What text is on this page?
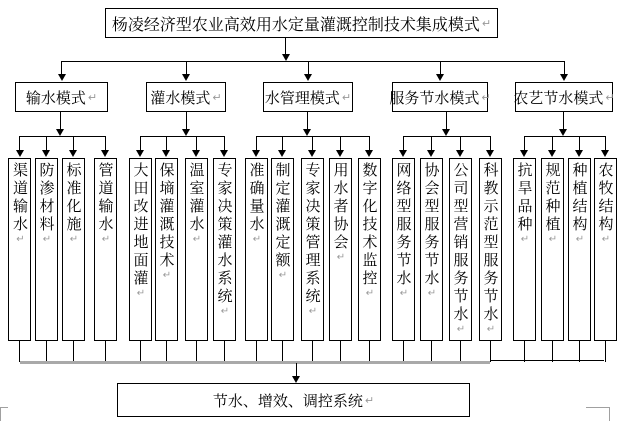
杨凌经济型农业高效用水定量灌溉控制技术集成模式 ↵
输水模式 ↵
渠道输水↵
防渗材料↵
标准化施↵
管道输水↵
灌水模式 ↵
大田改进地面灌↵
保墒灌溉技术↵
温室灌水↵ 专家决策灌水系统↵
水管理模式 ↵
准确量水↵ 制定灌溉定额↵	专家决策管理系统↵
用水者协会↵ 数字化技术监控↵
服务节水模式 ↵
网络型服务节水↵
协会型服务节水↵ 公司型营销服务节水↵
科教示范型服务节水↵
农艺节水模式 ↵
抗旱品种↵
规范种植↵
种植结构↵
农牧结构↵
节水、增效、调控系统 ↵
